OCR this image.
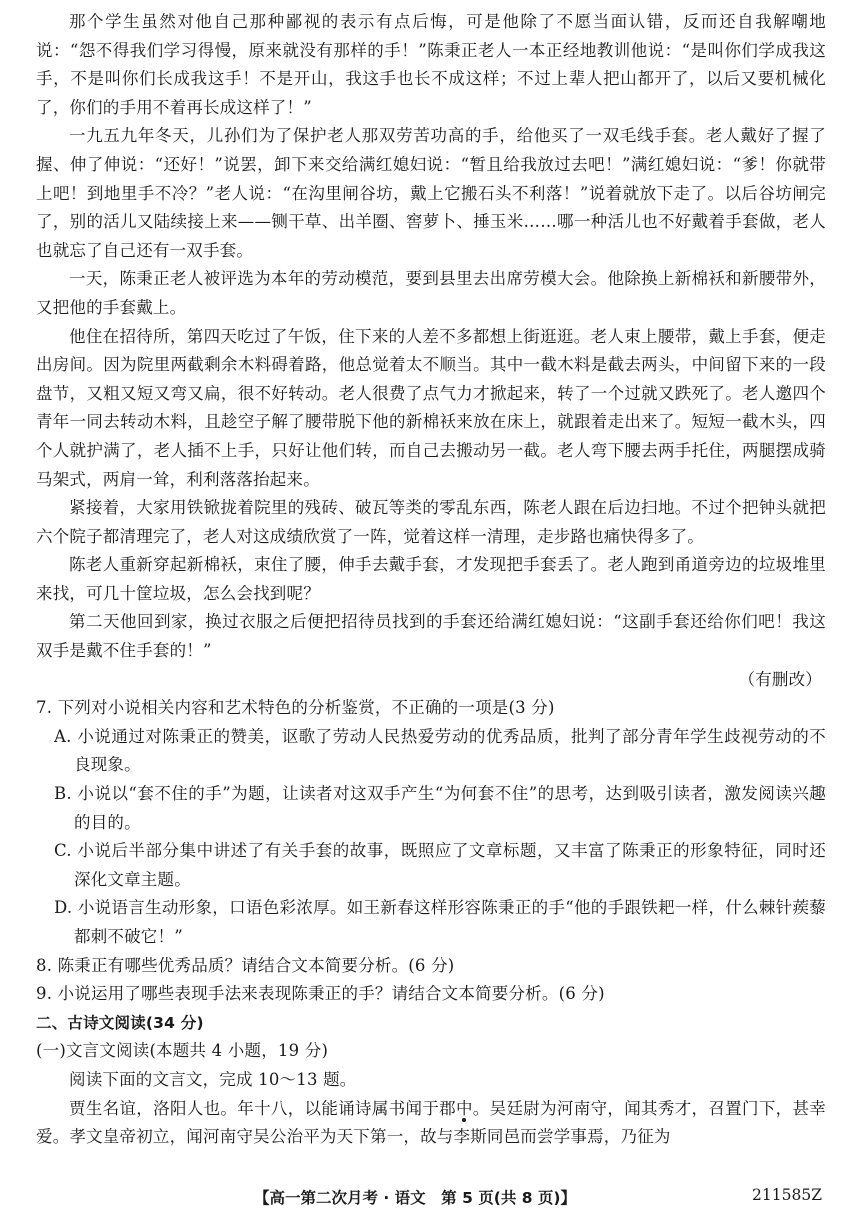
那个学生虽然对他自己那种鄙视的表示有点后悔，可是他除了不愿当面认错，反而还自我解嘲地说：“怨不得我们学习得慢，原来就没有那样的手！”陈秉正老人一本正经地教训他说：“是叫你们学成我这手，不是叫你们长成我这手！不是开山，我这手也长不成这样；不过上辈人把山都开了，以后又要机械化了，你们的手用不着再长成这样了！”

一九五九年冬天，儿孙们为了保护老人那双劳苦功高的手，给他买了一双毛线手套。老人戴好了握了握、伸了伸说：“还好！”说罢，卸下来交给满红媳妇说：“暂且给我放过去吧！”满红媳妇说：“爹！你就带上吧！到地里手不冷？”老人说：“在沟里闸谷坊，戴上它搬石头不利落！”说着就放下走了。以后谷坊闸完了，别的活儿又陆续接上来——铡干草、出羊圈、窖萝卜、捶玉米……哪一种活儿也不好戴着手套做，老人也就忘了自己还有一双手套。

一天，陈秉正老人被评选为本年的劳动模范，要到县里去出席劳模大会。他除换上新棉袄和新腰带外，又把他的手套戴上。

他住在招待所，第四天吃过了午饭，住下来的人差不多都想上街逛逛。老人束上腰带，戴上手套，便走出房间。因为院里两截剩余木料碍着路，他总觉着太不顺当。其中一截木料是截去两头，中间留下来的一段盘节，又粗又短又弯又扁，很不好转动。老人很费了点气力才掀起来，转了一个过就又跌死了。老人邀四个青年一同去转动木料，且趁空子解了腰带脱下他的新棉袄来放在床上，就跟着走出来了。短短一截木头，四个人就护满了，老人插不上手，只好让他们转，而自己去搬动另一截。老人弯下腰去两手托住，两腿摆成骑马架式，两肩一耸，利利落落抬起来。

紧接着，大家用铁锨拢着院里的残砖、破瓦等类的零乱东西，陈老人跟在后边扫地。不过个把钟头就把六个院子都清理完了，老人对这成绩欣赏了一阵，觉着这样一清理，走步路也痛快得多了。

陈老人重新穿起新棉袄，束住了腰，伸手去戴手套，才发现把手套丢了。老人跑到甬道旁边的垃圾堆里来找，可几十筐垃圾，怎么会找到呢？

第二天他回到家，换过衣服之后便把招待员找到的手套还给满红媳妇说：“这副手套还给你们吧！我这双手是戴不住手套的！”

（有删改）

7. 下列对小说相关内容和艺术特色的分析鉴赏，不正确的一项是(3 分)

A. 小说通过对陈秉正的赞美，讴歌了劳动人民热爱劳动的优秀品质，批判了部分青年学生歧视劳动的不良现象。

B. 小说以“套不住的手”为题，让读者对这双手产生“为何套不住”的思考，达到吸引读者，激发阅读兴趣的目的。

C. 小说后半部分集中讲述了有关手套的故事，既照应了文章标题，又丰富了陈秉正的形象特征，同时还深化文章主题。

D. 小说语言生动形象，口语色彩浓厚。如王新春这样形容陈秉正的手“他的手跟铁耙一样，什么棘针蒺藜都刺不破它！”

8. 陈秉正有哪些优秀品质？请结合文本简要分析。(6 分)

9. 小说运用了哪些表现手法来表现陈秉正的手？请结合文本简要分析。(6 分)

二、古诗文阅读(34 分)

(一)文言文阅读(本题共 4 小题，19 分)

阅读下面的文言文，完成 10～13 题。

贾生名谊，洛阳人也。年十八，以能诵诗属书闻于郡中。吴廷尉为河南守，闻其秀才，召置门下，甚幸爱。孝文皇帝初立，闻河南守吴公治平为天下第一，故与李斯同邑而尝学事焉，乃征为

【高一第二次月考 · 语文　第 5 页(共 8 页)】	211585Z
